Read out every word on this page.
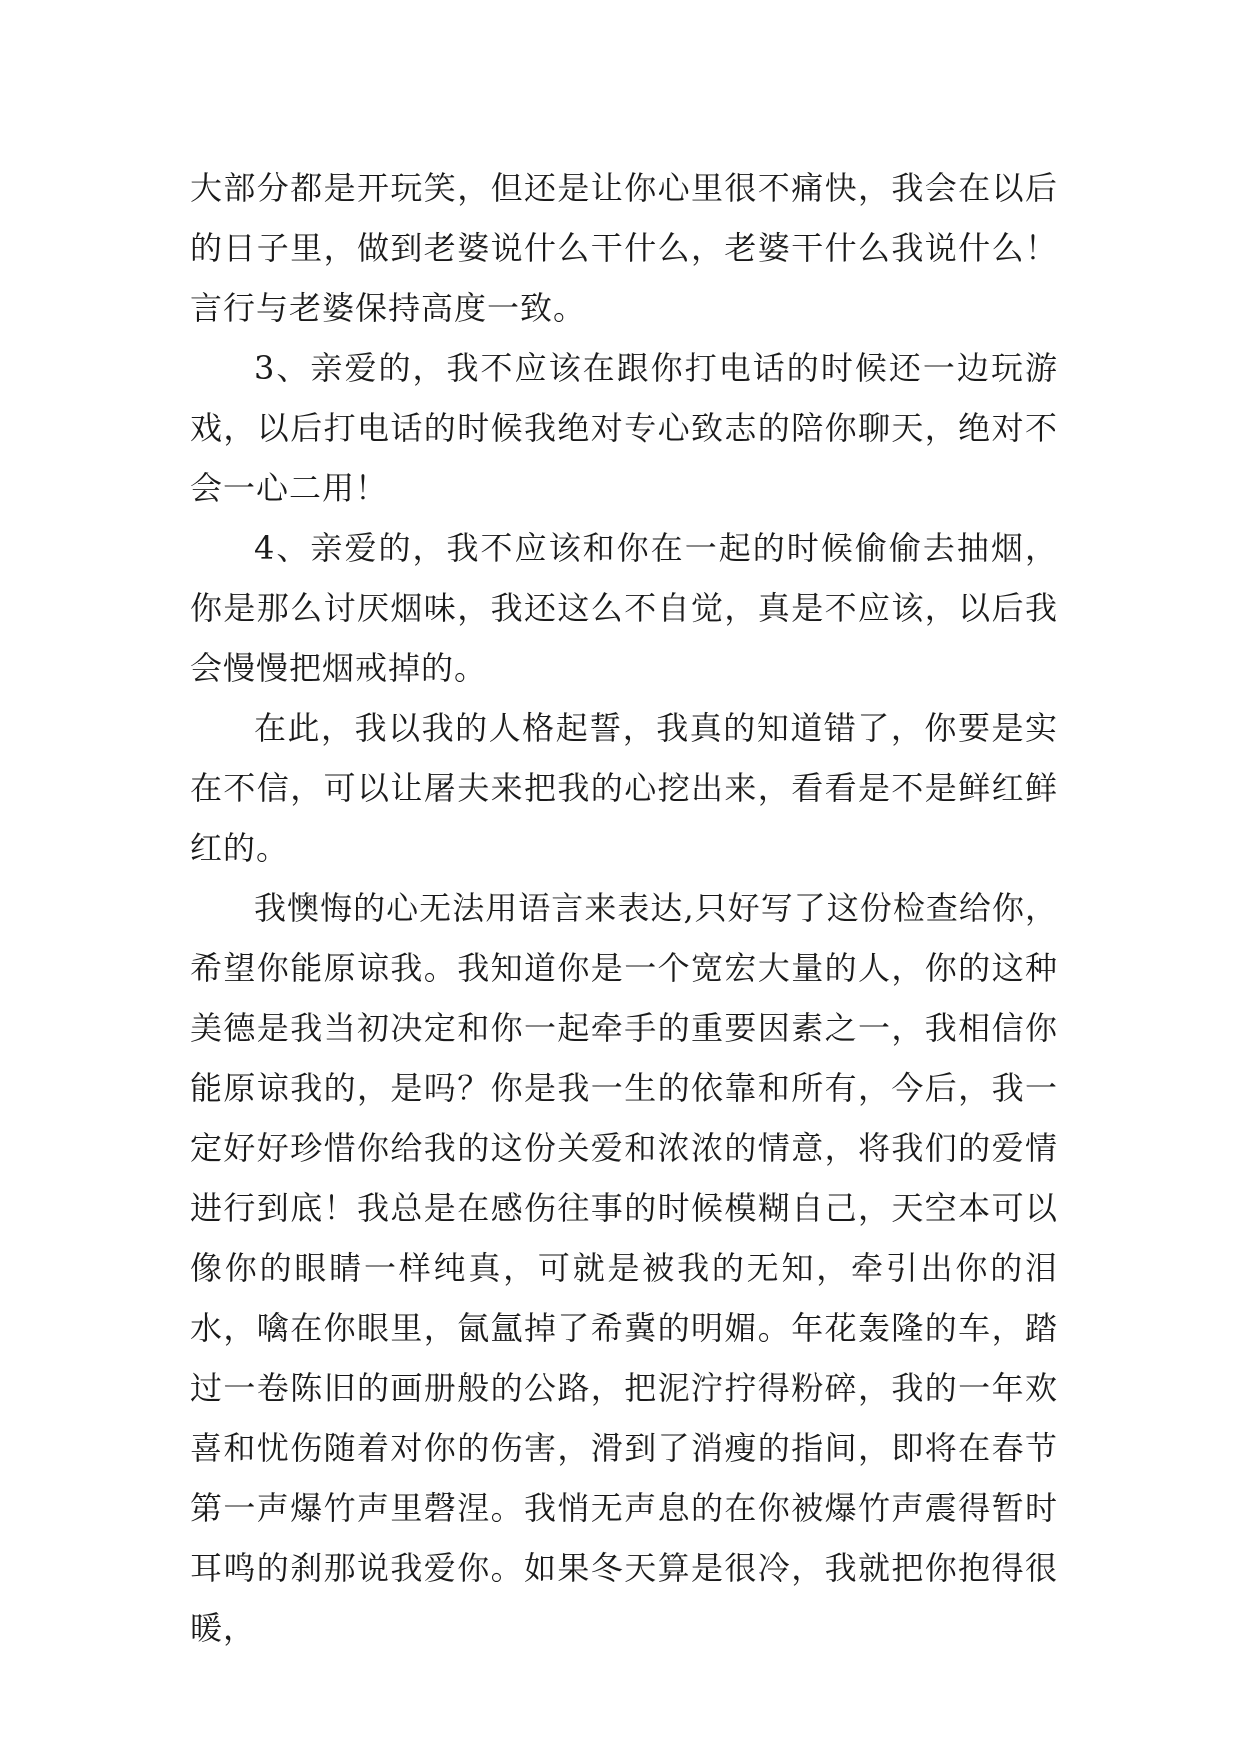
大部分都是开玩笑，但还是让你心里很不痛快，我会在以后的日子里，做到老婆说什么干什么，老婆干什么我说什么！言行与老婆保持高度一致。

3、亲爱的，我不应该在跟你打电话的时候还一边玩游戏，以后打电话的时候我绝对专心致志的陪你聊天，绝对不会一心二用！

4、亲爱的，我不应该和你在一起的时候偷偷去抽烟，你是那么讨厌烟味，我还这么不自觉，真是不应该，以后我会慢慢把烟戒掉的。

在此，我以我的人格起誓，我真的知道错了，你要是实在不信，可以让屠夫来把我的心挖出来，看看是不是鲜红鲜红的。

我懊悔的心无法用语言来表达,只好写了这份检查给你，希望你能原谅我。我知道你是一个宽宏大量的人，你的这种美德是我当初决定和你一起牵手的重要因素之一，我相信你能原谅我的，是吗？你是我一生的依靠和所有，今后，我一定好好珍惜你给我的这份关爱和浓浓的情意，将我们的爱情进行到底！我总是在感伤往事的时候模糊自己，天空本可以像你的眼睛一样纯真，可就是被我的无知，牵引出你的泪水，噙在你眼里，氤氲掉了希冀的明媚。年花轰隆的车，踏过一卷陈旧的画册般的公路，把泥泞拧得粉碎，我的一年欢喜和忧伤随着对你的伤害，滑到了消瘦的指间，即将在春节第一声爆竹声里磬涅。我悄无声息的在你被爆竹声震得暂时耳鸣的刹那说我爱你。如果冬天算是很冷，我就把你抱得很暖，
